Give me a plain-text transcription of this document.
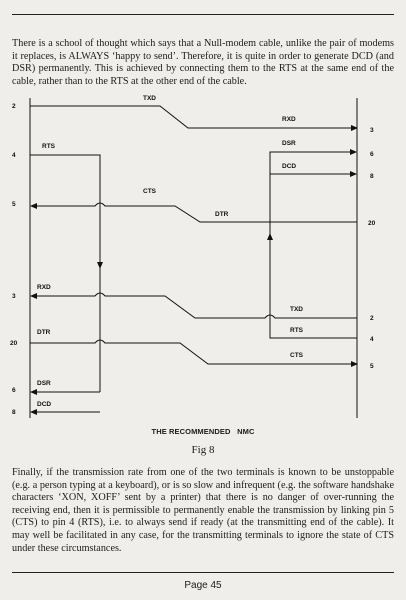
There is a school of thought which says that a Null-modem cable, unlike the pair of modems it replaces, is ALWAYS ‘happy to send’. Therefore, it is quite in order to generate DCD (and DSR) permanently. This is achieved by connecting them to the RTS at the same end of the cable, rather than to the RTS at the other end of the cable.

2
4
5
3
20
6
8
3
6
8
20
2
4
5
TXD
RXD
RTS	DSR
DCD
CTS
DTR
RXD
TXD
DTR	RTS
CTS
DSR
DCD
THE RECOMMENDED   NMC
Fig 8

Finally, if the transmission rate from one of the two terminals is known to be unstoppable (e.g. a person typing at a keyboard), or is so slow and infrequent (e.g. the software handshake characters ‘XON, XOFF’ sent by a printer) that there is no danger of over-running the receiving end, then it is permissible to permanently enable the transmission by linking pin 5 (CTS) to pin 4 (RTS), i.e. to always send if ready (at the transmitting end of the cable). It may well be facilitated in any case, for the transmitting terminals to ignore the state of CTS under these circumstances.

Page 45
